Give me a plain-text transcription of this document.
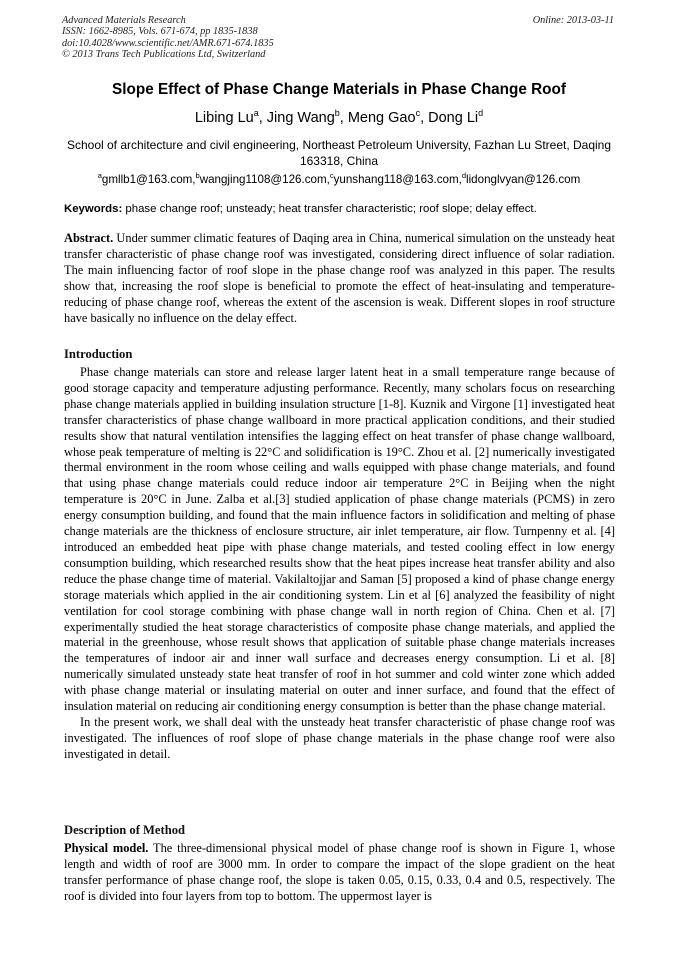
Advanced Materials Research
ISSN: 1662-8985, Vols. 671-674, pp 1835-1838
doi:10.4028/www.scientific.net/AMR.671-674.1835
© 2013 Trans Tech Publications Ltd, Switzerland
Online: 2013-03-11
Slope Effect of Phase Change Materials in Phase Change Roof
Libing Lu$^a$, Jing Wang$^b$, Meng Gao$^c$, Dong Li$^d$
School of architecture and civil engineering, Northeast Petroleum University, Fazhan Lu Street, Daqing 163318, China
$^a$gmllb1@163.com,$^b$wangjing1108@126.com,$^c$yunshang118@163.com,$^d$lidonglvyan@126.com
Keywords: phase change roof; unsteady; heat transfer characteristic; roof slope; delay effect.

Abstract. Under summer climatic features of Daqing area in China, numerical simulation on the unsteady heat transfer characteristic of phase change roof was investigated, considering direct influence of solar radiation. The main influencing factor of roof slope in the phase change roof was analyzed in this paper. The results show that, increasing the roof slope is beneficial to promote the effect of heat-insulating and temperature-reducing of phase change roof, whereas the extent of the ascension is weak. Different slopes in roof structure have basically no influence on the delay effect.

Introduction

Phase change materials can store and release larger latent heat in a small temperature range because of good storage capacity and temperature adjusting performance. Recently, many scholars focus on researching phase change materials applied in building insulation structure [1-8]. Kuznik and Virgone [1] investigated heat transfer characteristics of phase change wallboard in more practical application conditions, and their studied results show that natural ventilation intensifies the lagging effect on heat transfer of phase change wallboard, whose peak temperature of melting is 22°C and solidification is 19°C. Zhou et al. [2] numerically investigated thermal environment in the room whose ceiling and walls equipped with phase change materials, and found that using phase change materials could reduce indoor air temperature 2°C in Beijing when the night temperature is 20°C in June. Zalba et al.[3] studied application of phase change materials (PCMS) in zero energy consumption building, and found that the main influence factors in solidification and melting of phase change materials are the thickness of enclosure structure, air inlet temperature, air flow. Turnpenny et al. [4] introduced an embedded heat pipe with phase change materials, and tested cooling effect in low energy consumption building, which researched results show that the heat pipes increase heat transfer ability and also reduce the phase change time of material. Vakilaltojjar and Saman [5] proposed a kind of phase change energy storage materials which applied in the air conditioning system. Lin et al [6] analyzed the feasibility of night ventilation for cool storage combining with phase change wall in north region of China. Chen et al. [7] experimentally studied the heat storage characteristics of composite phase change materials, and applied the material in the greenhouse, whose result shows that application of suitable phase change materials increases the temperatures of indoor air and inner wall surface and decreases energy consumption. Li et al. [8] numerically simulated unsteady state heat transfer of roof in hot summer and cold winter zone which added with phase change material or insulating material on outer and inner surface, and found that the effect of insulation material on reducing air conditioning energy consumption is better than the phase change material.

In the present work, we shall deal with the unsteady heat transfer characteristic of phase change roof was investigated. The influences of roof slope of phase change materials in the phase change roof were also investigated in detail.

Description of Method

Physical model. The three-dimensional physical model of phase change roof is shown in Figure 1, whose length and width of roof are 3000 mm. In order to compare the impact of the slope gradient on the heat transfer performance of phase change roof, the slope is taken 0.05, 0.15, 0.33, 0.4 and 0.5, respectively. The roof is divided into four layers from top to bottom. The uppermost layer is
